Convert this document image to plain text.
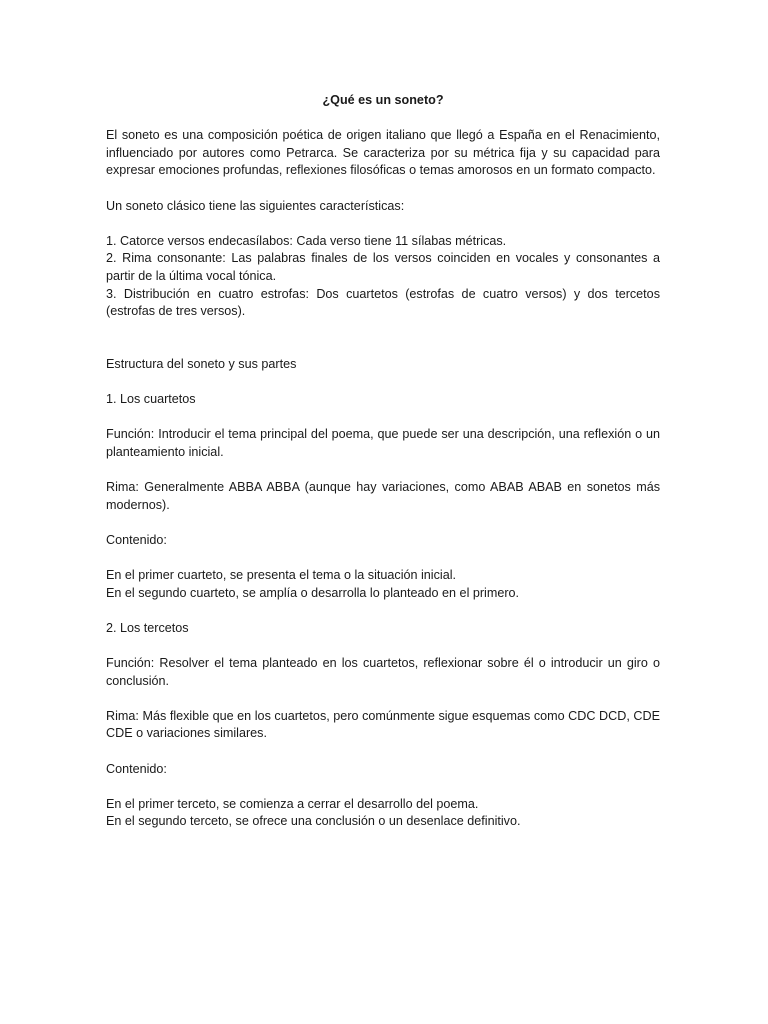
¿Qué es un soneto?

El soneto es una composición poética de origen italiano que llegó a España en el Renacimiento, influenciado por autores como Petrarca. Se caracteriza por su métrica fija y su capacidad para expresar emociones profundas, reflexiones filosóficas o temas amorosos en un formato compacto.

Un soneto clásico tiene las siguientes características:

1. Catorce versos endecasílabos: Cada verso tiene 11 sílabas métricas.

2. Rima consonante: Las palabras finales de los versos coinciden en vocales y consonantes a partir de la última vocal tónica.

3. Distribución en cuatro estrofas: Dos cuartetos (estrofas de cuatro versos) y dos tercetos (estrofas de tres versos).

Estructura del soneto y sus partes

1. Los cuartetos

Función: Introducir el tema principal del poema, que puede ser una descripción, una reflexión o un planteamiento inicial.

Rima: Generalmente ABBA ABBA (aunque hay variaciones, como ABAB ABAB en sonetos más modernos).

Contenido:

En el primer cuarteto, se presenta el tema o la situación inicial.

En el segundo cuarteto, se amplía o desarrolla lo planteado en el primero.

2. Los tercetos

Función: Resolver el tema planteado en los cuartetos, reflexionar sobre él o introducir un giro o conclusión.

Rima: Más flexible que en los cuartetos, pero comúnmente sigue esquemas como CDC DCD, CDE CDE o variaciones similares.

Contenido:

En el primer terceto, se comienza a cerrar el desarrollo del poema.

En el segundo terceto, se ofrece una conclusión o un desenlace definitivo.
